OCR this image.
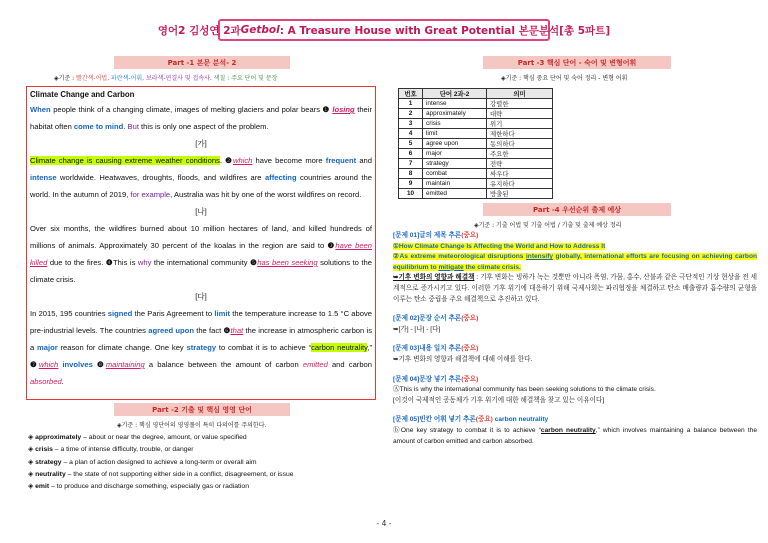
영어2 김성연 2과 Getbol : A Treasure House with Great Potential 본문분석[총 5파트]
Part -1 본문 분석- 2
◈기준 : 빨간색-어법, 파란색-어휘, 보라색-연결사 및 접속사. 색칠 : 주요 단어 및 문장
Climate Change and Carbon
When people think of a changing climate, images of melting glaciers and polar bears ❶ losing their habitat often come to mind. But this is only one aspect of the problem.
[가]
Climate change is causing extreme weather conditions. ❷which have become more frequent and intense worldwide. Heatwaves, droughts, floods, and wildfires are affecting countries around the world. In the autumn of 2019, for example, Australia was hit by one of the worst wildfires on record.
[나]
Over six months, the wildfires burned about 10 million hectares of land, and killed hundreds of millions of animals. Approximately 30 percent of the koalas in the region are said to ❸have been killed due to the fires. ❹This is why the international community ❺has been seeking solutions to the climate crisis.
[다]
In 2015, 195 countries signed the Paris Agreement to limit the temperature increase to 1.5 °C above pre-industrial levels. The countries agreed upon the fact ❻that the increase in atmospheric carbon is a major reason for climate change. One key strategy to combat it is to achieve “carbon neutrality,” ❼which involves ❽maintaining a balance between the amount of carbon emitted and carbon absorbed.
Part -2 기출 및 핵심 영영 단어
◈기준 : 핵심 영단어의 영영풀이 특히 다의어를 주의한다.
◈ approximately – about or near the degree, amount, or value specified
◈ crisis – a time of intense difficulty, trouble, or danger
◈ strategy – a plan of action designed to achieve a long-term or overall aim
◈ neutrality – the state of not supporting either side in a conflict, disagreement, or issue
◈ emit – to produce and discharge something, especially gas or radiation
Part -3 핵심 단어 - 숙어 및 변형어휘
◈기준 : 핵심 중요 단어 및 숙어 정리 - 변형 어휘
번호	단어 2과-2	의미
1	intense	강렬한
2	approximately	대략
3	crisis	위기
4	limit	제한하다
5	agree upon	동의하다
6	major	주요한
7	strategy	전략
8	combat	싸우다
9	maintain	유지하다
10	emitted	방출된
Part -4 우선순위 출제 예상
◈기준 : 기출 어법 및 기출 어법 / 기출 및 출제 예상 정리
[문제 01]글의 제목 추론(중요)
①How Climate Change Is Affecting the World and How to Address It
②As extreme meteorological disruptions intensify globally, international efforts are focusing on achieving carbon equilibrium to mitigate the climate crisis.
➥기후 변화의 영향과 해결책 : 기후 변화는 빙하가 녹는 것뿐만 아니라 폭염, 가뭄, 홍수, 산불과 같은 극단적인 기상 현상을 전 세계적으로 증가시키고 있다. 이러한 기후 위기에 대응하기 위해 국제사회는 파리협정을 체결하고 탄소 배출량과 흡수량의 균형을 이루는 탄소 중립을 주요 해결책으로 추진하고 있다.
[문제 02]문장 순서 추론(중요)
➥[가] - [나] - [다]
[문제 03]내용 일치 추론(중요)
➥기후 변화의 영향과 해결책에 대해 이해를 한다.
[문제 04]문장 넣기 추론(중요)
ⒶThis is why the international community has been seeking solutions to the climate crisis.
[이것이 국제적인 공동체가 기후 위기에 대한 해결책을 찾고 있는 이유이다]
[문제 05]빈칸 어휘 넣기 추론(중요) carbon neutrality
ⓑOne key strategy to combat it is to achieve “carbon neutrality,” which involves maintaining a balance between the amount of carbon emitted and carbon absorbed.
- 4 -
